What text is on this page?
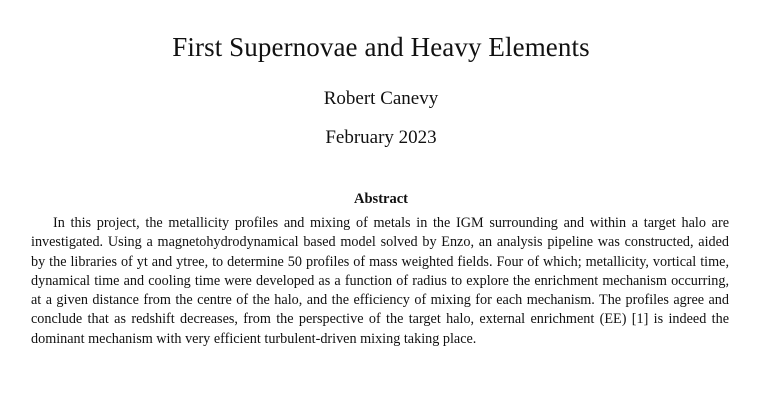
First Supernovae and Heavy Elements
Robert Canevy
February 2023
Abstract

In this project, the metallicity profiles and mixing of metals in the IGM surrounding and within a target halo are investigated. Using a magnetohydrodynamical based model solved by Enzo, an analysis pipeline was constructed, aided by the libraries of yt and ytree, to determine 50 profiles of mass weighted fields. Four of which; metallicity, vortical time, dynamical time and cooling time were developed as a function of radius to explore the enrichment mechanism occurring, at a given distance from the centre of the halo, and the efficiency of mixing for each mechanism. The profiles agree and conclude that as redshift decreases, from the perspective of the target halo, external enrichment (EE) [1] is indeed the dominant mechanism with very efficient turbulent-driven mixing taking place.
